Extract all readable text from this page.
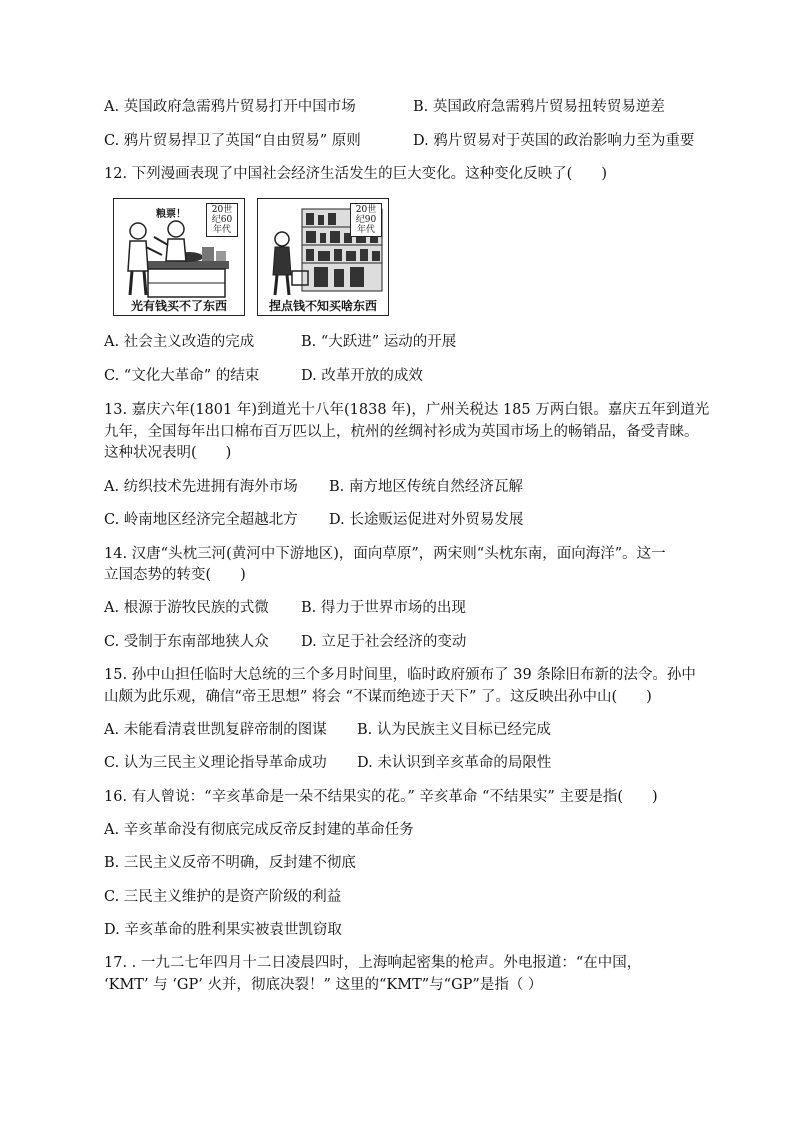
A. 英国政府急需鸦片贸易打开中国市场	B. 英国政府急需鸦片贸易扭转贸易逆差
C. 鸦片贸易捍卫了英国“自由贸易” 原则	D. 鸦片贸易对于英国的政治影响力至为重要
12. 下列漫画表现了中国社会经济生活发生的巨大变化。这种变化反映了(　　)
20世纪60年代
粮票！
光有钱买不了东西
20世纪90年代
捏点钱不知买啥东西
A. 社会主义改造的完成	B. “大跃进” 运动的开展
C. “文化大革命” 的结束	D. 改革开放的成效
13. 嘉庆六年(1801 年)到道光十八年(1838 年)，广州关税达 185 万两白银。嘉庆五年到道光
九年，全国每年出口棉布百万匹以上，杭州的丝绸衬衫成为英国市场上的畅销品，备受青睐。
这种状况表明(　　)
A. 纺织技术先进拥有海外市场 B. 南方地区传统自然经济瓦解
C. 岭南地区经济完全超越北方 D. 长途贩运促进对外贸易发展
14. 汉唐“头枕三河(黄河中下游地区)，面向草原”，两宋则“头枕东南，面向海洋”。这一
立国态势的转变(　　)
A. 根源于游牧民族的式微 B. 得力于世界市场的出现
C. 受制于东南部地狭人众 D. 立足于社会经济的变动
15. 孙中山担任临时大总统的三个多月时间里，临时政府颁布了 39 条除旧布新的法令。孙中
山颇为此乐观，确信“帝王思想” 将会 “不谋而绝迹于天下” 了。这反映出孙中山(　　)
A. 未能看清袁世凯复辟帝制的图谋 B. 认为民族主义目标已经完成
C. 认为三民主义理论指导革命成功 D. 未认识到辛亥革命的局限性
16. 有人曾说：“辛亥革命是一朵不结果实的花。” 辛亥革命 “不结果实” 主要是指(　　)
A. 辛亥革命没有彻底完成反帝反封建的革命任务
B. 三民主义反帝不明确，反封建不彻底
C. 三民主义维护的是资产阶级的利益
D. 辛亥革命的胜利果实被袁世凯窃取
17. . 一九二七年四月十二日凌晨四时，上海响起密集的枪声。外电报道：“在中国，
‘KMT’ 与 ‘GP’ 火并，彻底决裂！” 这里的“KMT”与“GP”是指（ ）
